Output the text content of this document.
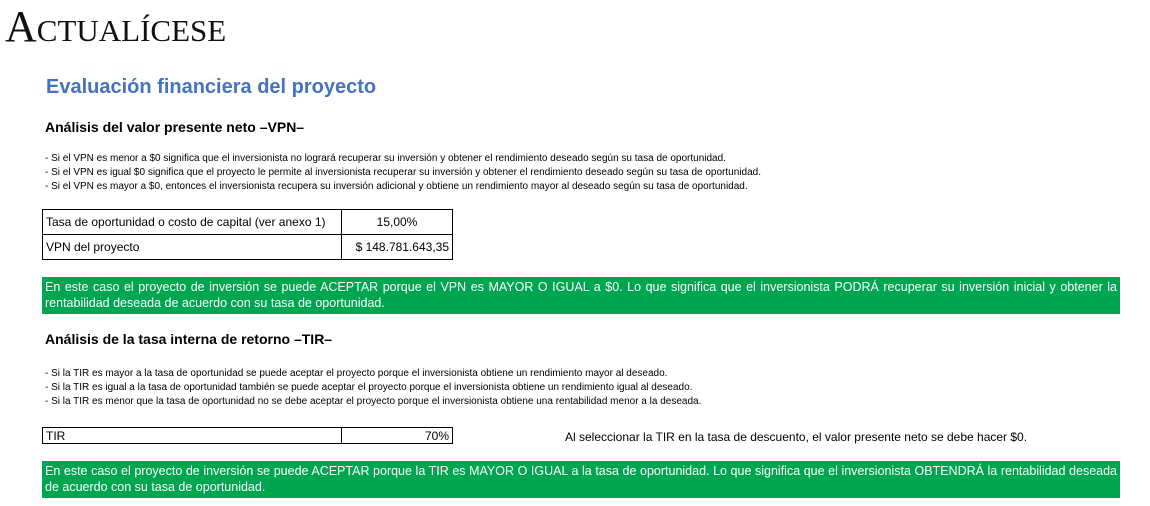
Actualícese
Evaluación financiera del proyecto
Análisis del valor presente neto –VPN–
- Si el VPN es menor a $0 significa que el inversionista no logrará recuperar su inversión y obtener el rendimiento deseado según su tasa de oportunidad.
- Si el VPN es igual $0 significa que el proyecto le permite al inversionista recuperar su inversión y obtener el rendimiento deseado según su tasa de oportunidad.
- Si el VPN es mayor a $0, entonces el inversionista recupera su inversión adicional y obtiene un rendimiento mayor al deseado según su tasa de oportunidad.
Tasa de oportunidad o costo de capital (ver anexo 1)	15,00%
VPN del proyecto	$ 148.781.643,35
En este caso el proyecto de inversión se puede ACEPTAR porque el VPN es MAYOR O IGUAL a $0. Lo que significa que el inversionista PODRÁ recuperar su inversión inicial y obtener la rentabilidad deseada de acuerdo con su tasa de oportunidad.
Análisis de la tasa interna de retorno –TIR–
- Si la TIR es mayor a la tasa de oportunidad se puede aceptar el proyecto porque el inversionista obtiene un rendimiento mayor al deseado.
- Si la TIR es igual a la tasa de oportunidad también se puede aceptar el proyecto porque el inversionista obtiene un rendimiento igual al deseado.
- Si la TIR es menor que la tasa de oportunidad no se debe aceptar el proyecto porque el inversionista obtiene una rentabilidad menor a la deseada.
TIR	70%	Al seleccionar la TIR en la tasa de descuento, el valor presente neto se debe hacer $0.
En este caso el proyecto de inversión se puede ACEPTAR porque la TIR es MAYOR O IGUAL a la tasa de oportunidad. Lo que significa que el inversionista OBTENDRÁ la rentabilidad deseada de acuerdo con su tasa de oportunidad.
